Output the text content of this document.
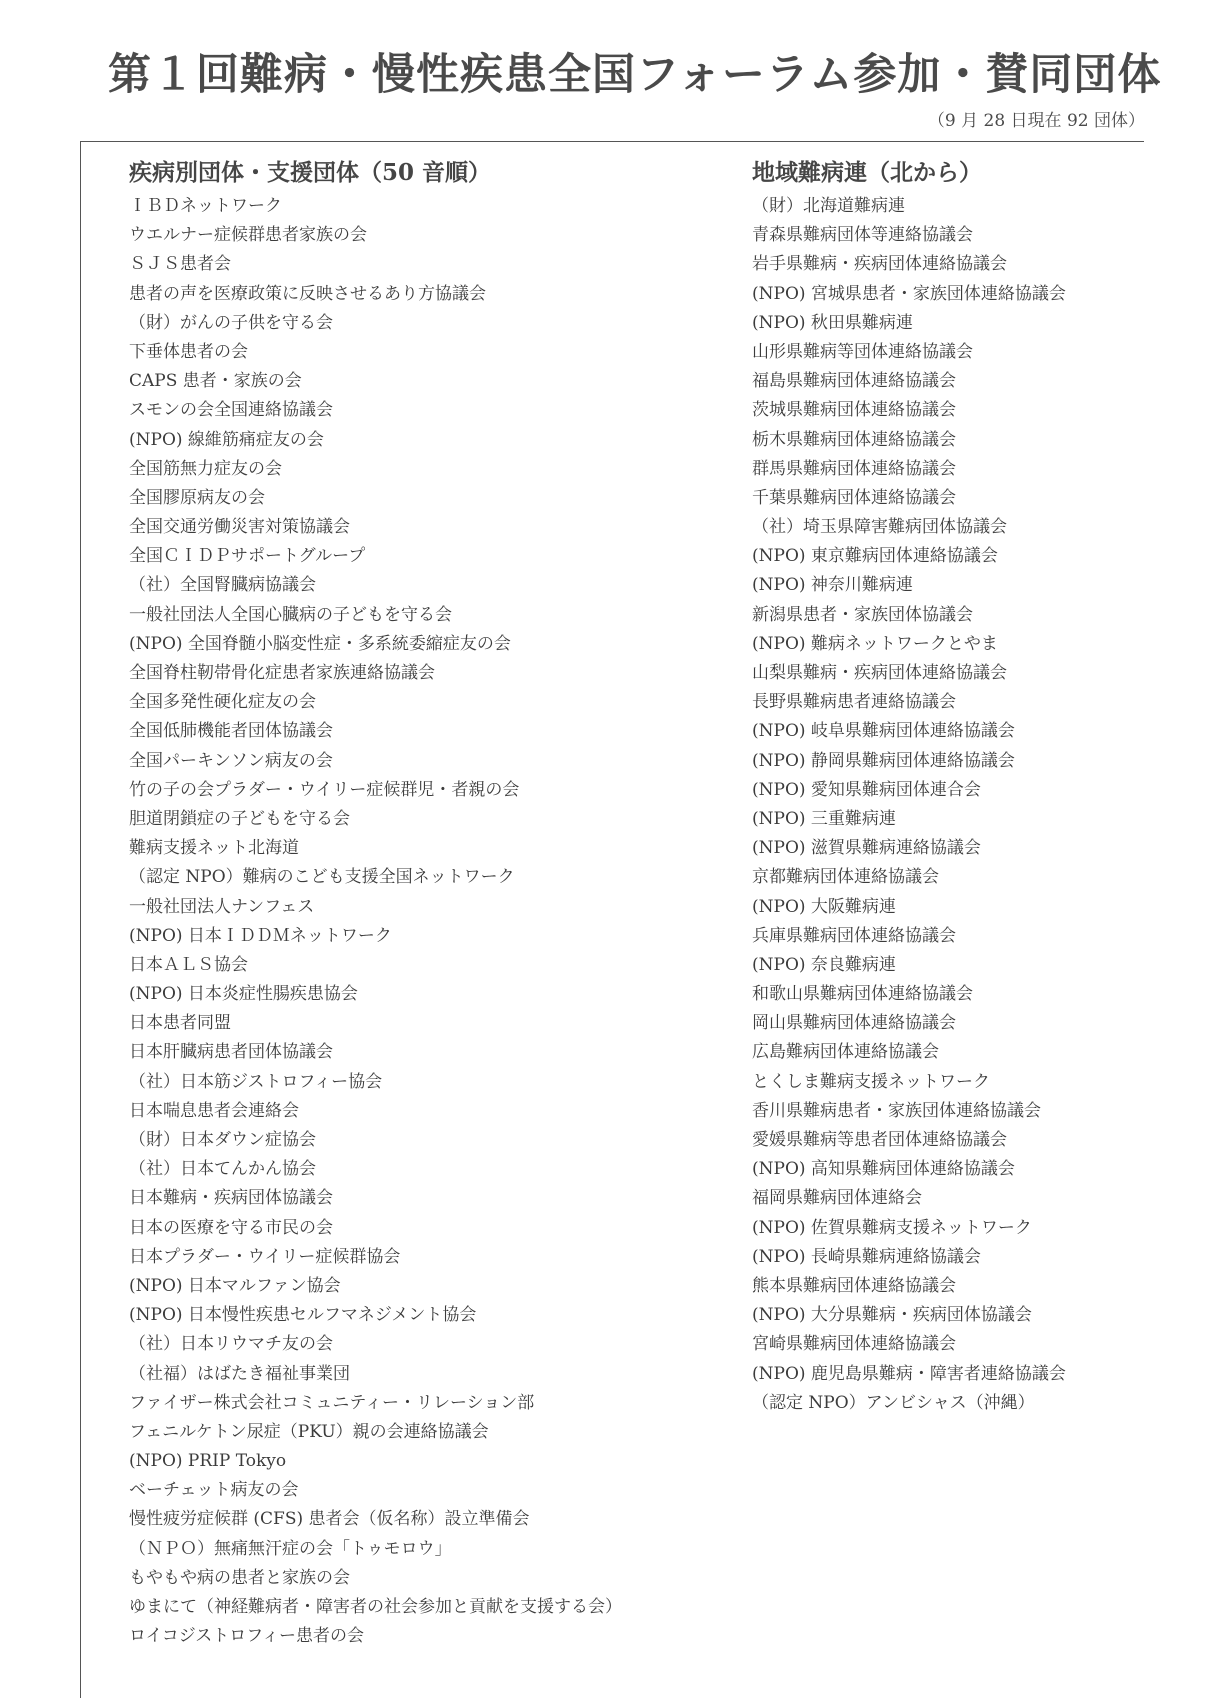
第１回難病・慢性疾患全国フォーラム参加・賛同団体
（9 月 28 日現在 92 団体）
疾病別団体・支援団体（50 音順）
ＩＢＤネットワーク
ウエルナー症候群患者家族の会
ＳＪＳ患者会
患者の声を医療政策に反映させるあり方協議会
（財）がんの子供を守る会
下垂体患者の会
CAPS 患者・家族の会
スモンの会全国連絡協議会
(NPO) 線維筋痛症友の会
全国筋無力症友の会
全国膠原病友の会
全国交通労働災害対策協議会
全国ＣＩＤＰサポートグループ
（社）全国腎臓病協議会
一般社団法人全国心臓病の子どもを守る会
(NPO) 全国脊髄小脳変性症・多系統委縮症友の会
全国脊柱靭帯骨化症患者家族連絡協議会
全国多発性硬化症友の会
全国低肺機能者団体協議会
全国パーキンソン病友の会
竹の子の会プラダー・ウイリー症候群児・者親の会
胆道閉鎖症の子どもを守る会
難病支援ネット北海道
（認定 NPO）難病のこども支援全国ネットワーク
一般社団法人ナンフェス
(NPO) 日本ＩＤＤＭネットワーク
日本ＡＬＳ協会
(NPO) 日本炎症性腸疾患協会
日本患者同盟
日本肝臓病患者団体協議会
（社）日本筋ジストロフィー協会
日本喘息患者会連絡会
（財）日本ダウン症協会
（社）日本てんかん協会
日本難病・疾病団体協議会
日本の医療を守る市民の会
日本プラダー・ウイリー症候群協会
(NPO) 日本マルファン協会
(NPO) 日本慢性疾患セルフマネジメント協会
（社）日本リウマチ友の会
（社福）はばたき福祉事業団
ファイザー株式会社コミュニティー・リレーション部
フェニルケトン尿症（PKU）親の会連絡協議会
(NPO) PRIP Tokyo
ベーチェット病友の会
慢性疲労症候群 (CFS) 患者会（仮名称）設立準備会
（ＮＰＯ）無痛無汗症の会「トゥモロウ」
もやもや病の患者と家族の会
ゆまにて（神経難病者・障害者の社会参加と貢献を支援する会）
ロイコジストロフィー患者の会
地域難病連（北から）
（財）北海道難病連
青森県難病団体等連絡協議会
岩手県難病・疾病団体連絡協議会
(NPO) 宮城県患者・家族団体連絡協議会
(NPO) 秋田県難病連
山形県難病等団体連絡協議会
福島県難病団体連絡協議会
茨城県難病団体連絡協議会
栃木県難病団体連絡協議会
群馬県難病団体連絡協議会
千葉県難病団体連絡協議会
（社）埼玉県障害難病団体協議会
(NPO) 東京難病団体連絡協議会
(NPO) 神奈川難病連
新潟県患者・家族団体協議会
(NPO) 難病ネットワークとやま
山梨県難病・疾病団体連絡協議会
長野県難病患者連絡協議会
(NPO) 岐阜県難病団体連絡協議会
(NPO) 静岡県難病団体連絡協議会
(NPO) 愛知県難病団体連合会
(NPO) 三重難病連
(NPO) 滋賀県難病連絡協議会
京都難病団体連絡協議会
(NPO) 大阪難病連
兵庫県難病団体連絡協議会
(NPO) 奈良難病連
和歌山県難病団体連絡協議会
岡山県難病団体連絡協議会
広島難病団体連絡協議会
とくしま難病支援ネットワーク
香川県難病患者・家族団体連絡協議会
愛媛県難病等患者団体連絡協議会
(NPO) 高知県難病団体連絡協議会
福岡県難病団体連絡会
(NPO) 佐賀県難病支援ネットワーク
(NPO) 長崎県難病連絡協議会
熊本県難病団体連絡協議会
(NPO) 大分県難病・疾病団体協議会
宮崎県難病団体連絡協議会
(NPO) 鹿児島県難病・障害者連絡協議会
（認定 NPO）アンビシャス（沖縄）
